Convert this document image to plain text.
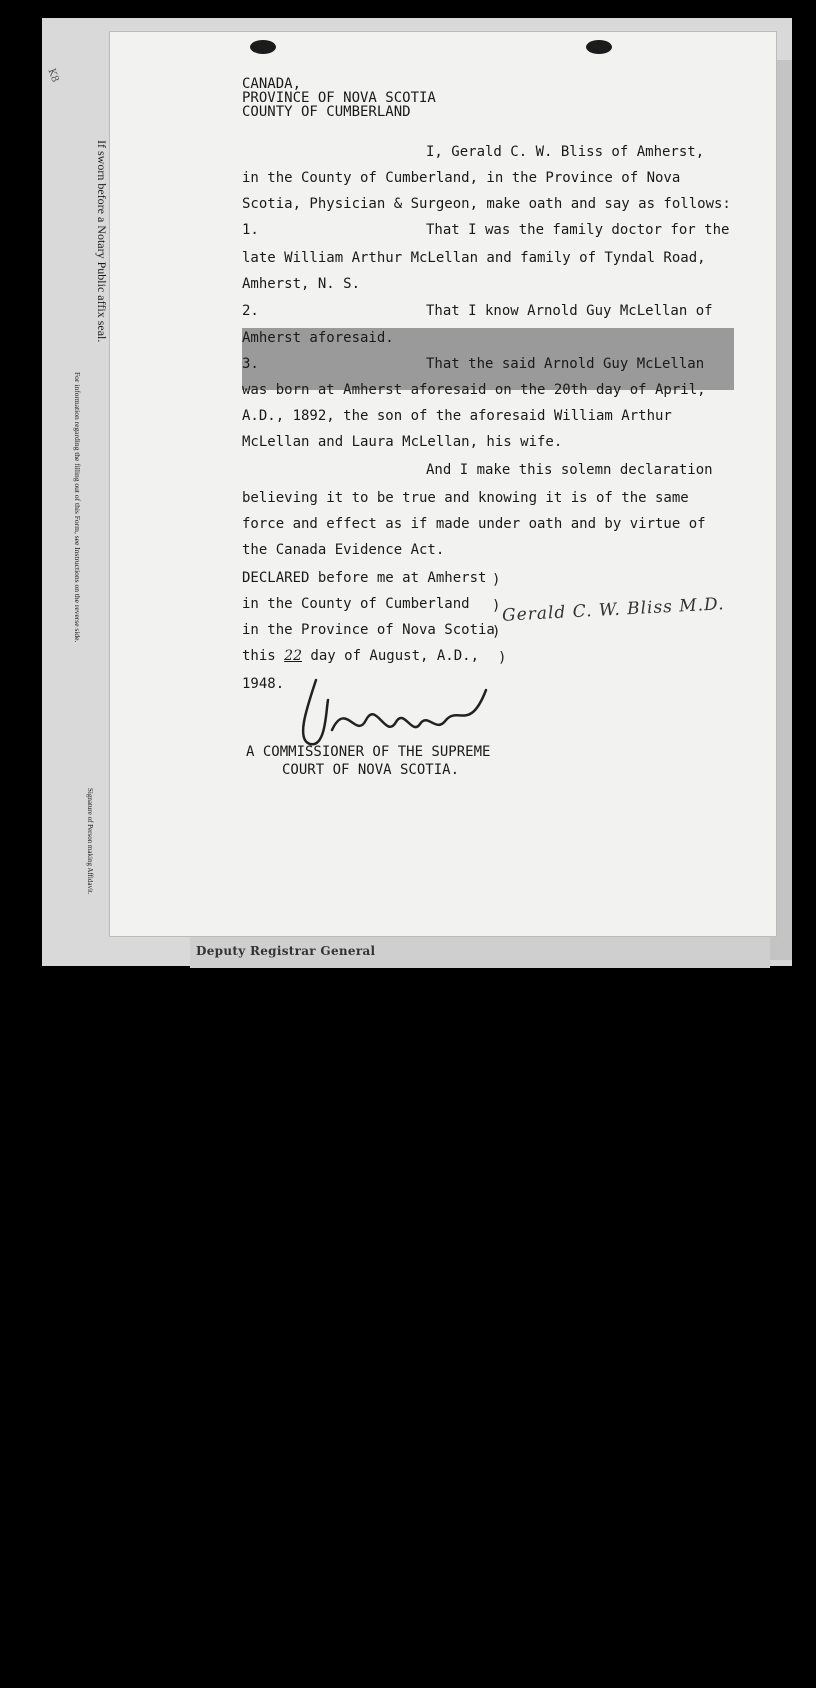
Deputy Registrar General
If sworn before a Notary Public affix seal.
For information regarding the filling out of this Form, see Instructions on the reverse side.
Signature of Person making Affidavit.
K8
CANADA,
PROVINCE OF NOVA SCOTIA
COUNTY OF CUMBERLAND
I, Gerald C. W. Bliss of Amherst,
in the County of Cumberland, in the Province of Nova
Scotia, Physician & Surgeon, make oath and say as follows:
1.	That I was the family doctor for the
late William Arthur McLellan and family of Tyndal Road,
Amherst, N. S.
2.	That I know Arnold Guy McLellan of
Amherst aforesaid.
3.	That the said Arnold Guy McLellan
was born at Amherst aforesaid on the 20th day of April,
A.D., 1892, the son of the aforesaid William Arthur
McLellan and Laura McLellan, his wife.
And I make this solemn declaration
believing it to be true and knowing it is of the same
force and effect as if made under oath and by virtue of
the Canada Evidence Act.
DECLARED before me at Amherst
in the County of Cumberland
in the Province of Nova Scotia
this 22 day of August, A.D.,
1948.
)
)
)
)
Gerald C. W. Bliss M.D.
A COMMISSIONER OF THE SUPREME
COURT OF NOVA SCOTIA.
